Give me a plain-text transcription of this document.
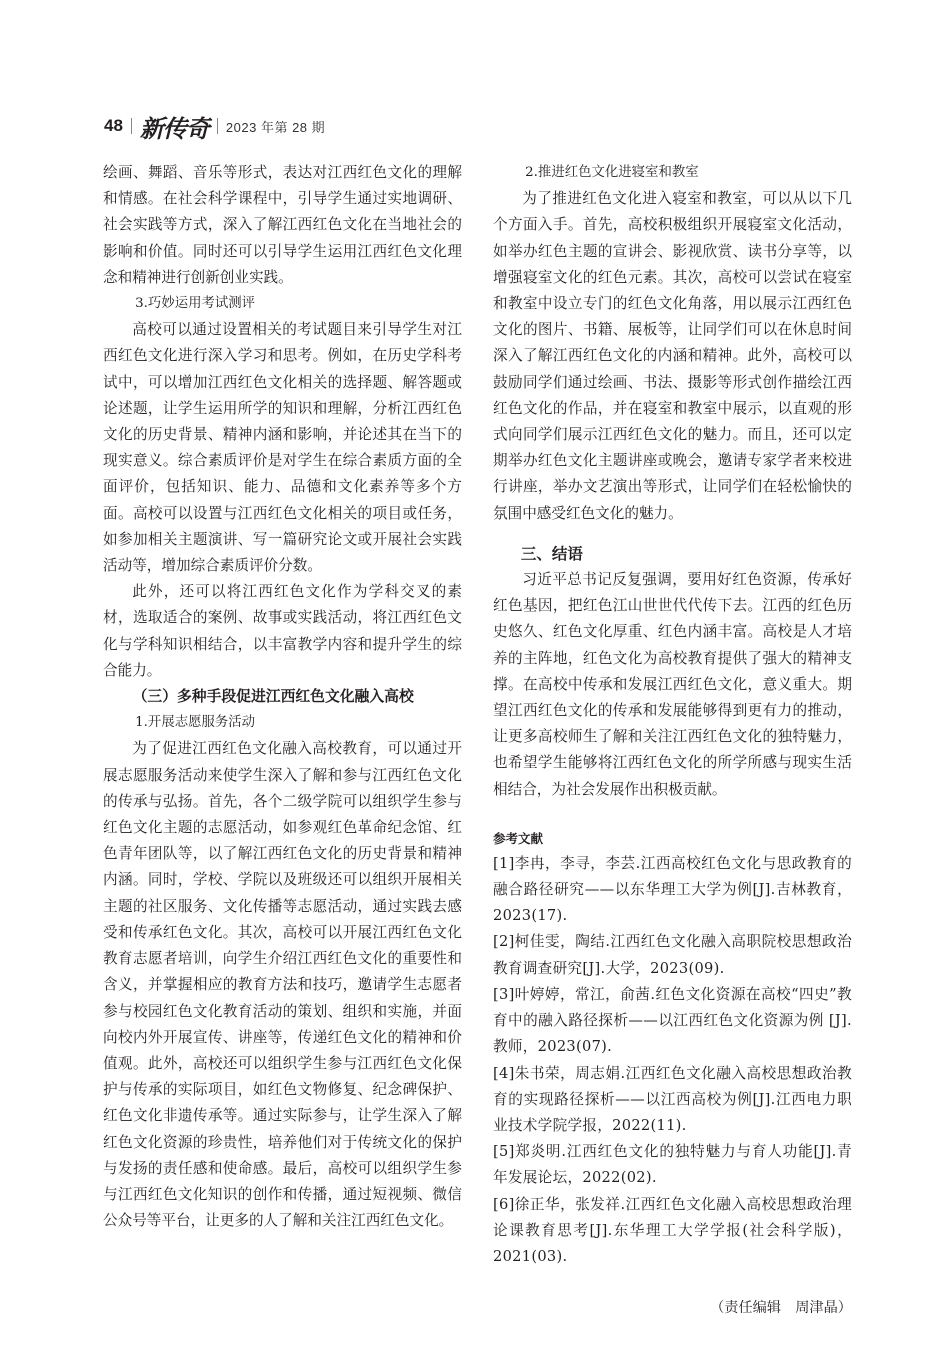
48 新传奇 2023 年第 28 期

绘画、舞蹈、音乐等形式，表达对江西红色文化的理解和情感。在社会科学课程中，引导学生通过实地调研、社会实践等方式，深入了解江西红色文化在当地社会的影响和价值。同时还可以引导学生运用江西红色文化理念和精神进行创新创业实践。

3.巧妙运用考试测评

高校可以通过设置相关的考试题目来引导学生对江西红色文化进行深入学习和思考。例如，在历史学科考试中，可以增加江西红色文化相关的选择题、解答题或论述题，让学生运用所学的知识和理解，分析江西红色文化的历史背景、精神内涵和影响，并论述其在当下的现实意义。综合素质评价是对学生在综合素质方面的全面评价，包括知识、能力、品德和文化素养等多个方面。高校可以设置与江西红色文化相关的项目或任务，如参加相关主题演讲、写一篇研究论文或开展社会实践活动等，增加综合素质评价分数。

此外，还可以将江西红色文化作为学科交叉的素材，选取适合的案例、故事或实践活动，将江西红色文化与学科知识相结合，以丰富教学内容和提升学生的综合能力。

（三）多种手段促进江西红色文化融入高校
1.开展志愿服务活动

为了促进江西红色文化融入高校教育，可以通过开展志愿服务活动来使学生深入了解和参与江西红色文化的传承与弘扬。首先，各个二级学院可以组织学生参与红色文化主题的志愿活动，如参观红色革命纪念馆、红色青年团队等，以了解江西红色文化的历史背景和精神内涵。同时，学校、学院以及班级还可以组织开展相关主题的社区服务、文化传播等志愿活动，通过实践去感受和传承红色文化。其次，高校可以开展江西红色文化教育志愿者培训，向学生介绍江西红色文化的重要性和含义，并掌握相应的教育方法和技巧，邀请学生志愿者参与校园红色文化教育活动的策划、组织和实施，并面向校内外开展宣传、讲座等，传递红色文化的精神和价值观。此外，高校还可以组织学生参与江西红色文化保护与传承的实际项目，如红色文物修复、纪念碑保护、红色文化非遗传承等。通过实际参与，让学生深入了解红色文化资源的珍贵性，培养他们对于传统文化的保护与发扬的责任感和使命感。最后，高校可以组织学生参与江西红色文化知识的创作和传播，通过短视频、微信公众号等平台，让更多的人了解和关注江西红色文化。

2.推进红色文化进寝室和教室

为了推进红色文化进入寝室和教室，可以从以下几个方面入手。首先，高校积极组织开展寝室文化活动，如举办红色主题的宣讲会、影视欣赏、读书分享等，以增强寝室文化的红色元素。其次，高校可以尝试在寝室和教室中设立专门的红色文化角落，用以展示江西红色文化的图片、书籍、展板等，让同学们可以在休息时间深入了解江西红色文化的内涵和精神。此外，高校可以鼓励同学们通过绘画、书法、摄影等形式创作描绘江西红色文化的作品，并在寝室和教室中展示，以直观的形式向同学们展示江西红色文化的魅力。而且，还可以定期举办红色文化主题讲座或晚会，邀请专家学者来校进行讲座，举办文艺演出等形式，让同学们在轻松愉快的氛围中感受红色文化的魅力。

三、结语

习近平总书记反复强调，要用好红色资源，传承好红色基因，把红色江山世世代代传下去。江西的红色历史悠久、红色文化厚重、红色内涵丰富。高校是人才培养的主阵地，红色文化为高校教育提供了强大的精神支撑。在高校中传承和发展江西红色文化，意义重大。期望江西红色文化的传承和发展能够得到更有力的推动，让更多高校师生了解和关注江西红色文化的独特魅力，也希望学生能够将江西红色文化的所学所感与现实生活相结合，为社会发展作出积极贡献。

参考文献

[1]李冉，李寻，李芸.江西高校红色文化与思政教育的融合路径研究——以东华理工大学为例[J].吉林教育，2023(17).

[2]柯佳雯，陶结.江西红色文化融入高职院校思想政治教育调查研究[J].大学，2023(09).

[3]叶婷婷，常江，俞茜.红色文化资源在高校“四史”教育中的融入路径探析——以江西红色文化资源为例 [J]. 教师，2023(07).

[4]朱书荣，周志娟.江西红色文化融入高校思想政治教育的实现路径探析——以江西高校为例[J].江西电力职业技术学院学报，2022(11).

[5]郑炎明.江西红色文化的独特魅力与育人功能[J].青年发展论坛，2022(02).

[6]徐正华，张发祥.江西红色文化融入高校思想政治理论课教育思考[J].东华理工大学学报(社会科学版)，2021(03).

（责任编辑　周津晶）
